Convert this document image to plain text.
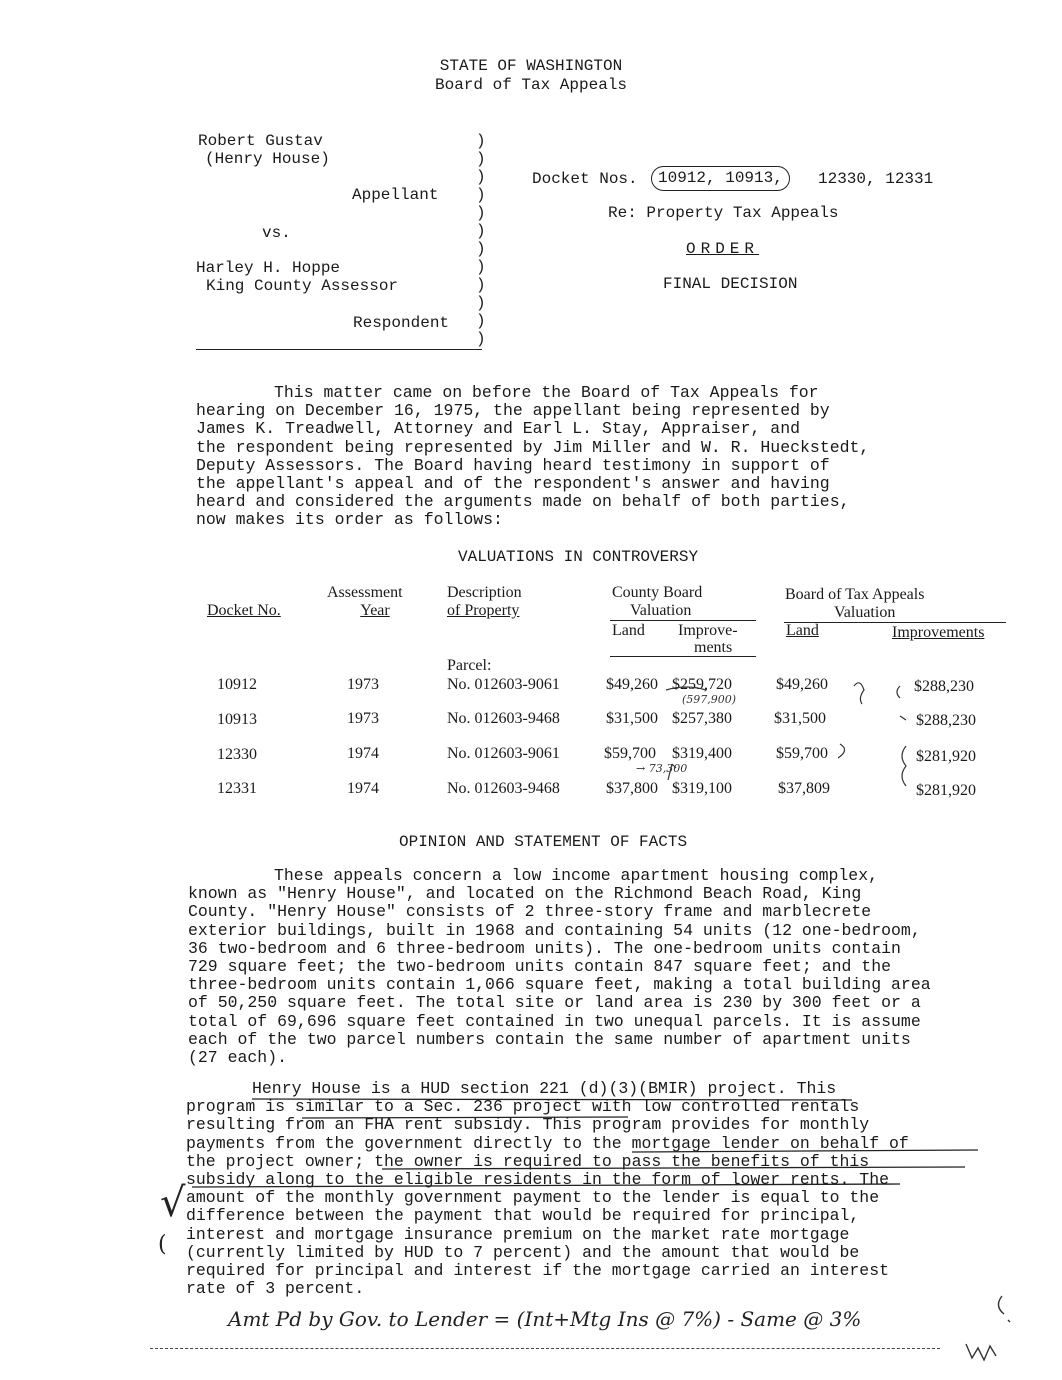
STATE OF WASHINGTON
Board of Tax Appeals
Robert Gustav
(Henry House)
Appellant
vs.
Harley H. Hoppe
King County Assessor
Respondent
)
)
)
)
)
)
)
)
)
)
)
)
Docket Nos.	10912, 10913,	12330, 12331
Re: Property Tax Appeals
ORDER
FINAL DECISION
This matter came on before the Board of Tax Appeals for
hearing on December 16, 1975, the appellant being represented by
James K. Treadwell, Attorney and Earl L. Stay, Appraiser, and
the respondent being represented by Jim Miller and W. R. Hueckstedt,
Deputy Assessors. The Board having heard testimony in support of
the appellant's appeal and of the respondent's answer and having
heard and considered the arguments made on behalf of both parties,
now makes its order as follows:
VALUATIONS IN CONTROVERSY
Assessment
Docket No.	Year
Description
of Property
County Board
Valuation
Land Improve-
ments
Board of Tax Appeals
Valuation
Land	Improvements
Parcel:
10912	1973	No. 012603-9061	$49,260 $259,720	$49,260	$288,230
(597,900)
10913	1973	No. 012603-9468	$31,500 $257,380	$31,500	$288,230
12330	1974	No. 012603-9061	$59,700 $319,400	$59,700	$281,920
→ 73,300
12331	1974	No. 012603-9468	$37,800 $319,100	$37,809	$281,920
OPINION AND STATEMENT OF FACTS
These appeals concern a low income apartment housing complex,
known as "Henry House", and located on the Richmond Beach Road, King
County. "Henry House" consists of 2 three-story frame and marblecrete
exterior buildings, built in 1968 and containing 54 units (12 one-bedroom,
36 two-bedroom and 6 three-bedroom units). The one-bedroom units contain
729 square feet; the two-bedroom units contain 847 square feet; and the
three-bedroom units contain 1,066 square feet, making a total building area
of 50,250 square feet. The total site or land area is 230 by 300 feet or a
total of 69,696 square feet contained in two unequal parcels. It is assume
each of the two parcel numbers contain the same number of apartment units
(27 each).
Henry House is a HUD section 221 (d)(3)(BMIR) project. This
program is similar to a Sec. 236 project with low controlled rentals
resulting from an FHA rent subsidy. This program provides for monthly
payments from the government directly to the mortgage lender on behalf of
the project owner; the owner is required to pass the benefits of this
subsidy along to the eligible residents in the form of lower rents. The
amount of the monthly government payment to the lender is equal to the
difference between the payment that would be required for principal,
interest and mortgage insurance premium on the market rate mortgage
(currently limited by HUD to 7 percent) and the amount that would be
required for principal and interest if the mortgage carried an interest
rate of 3 percent.
√
(
Amt Pd by Gov. to Lender = (Int+Mtg Ins @ 7%) - Same @ 3%
